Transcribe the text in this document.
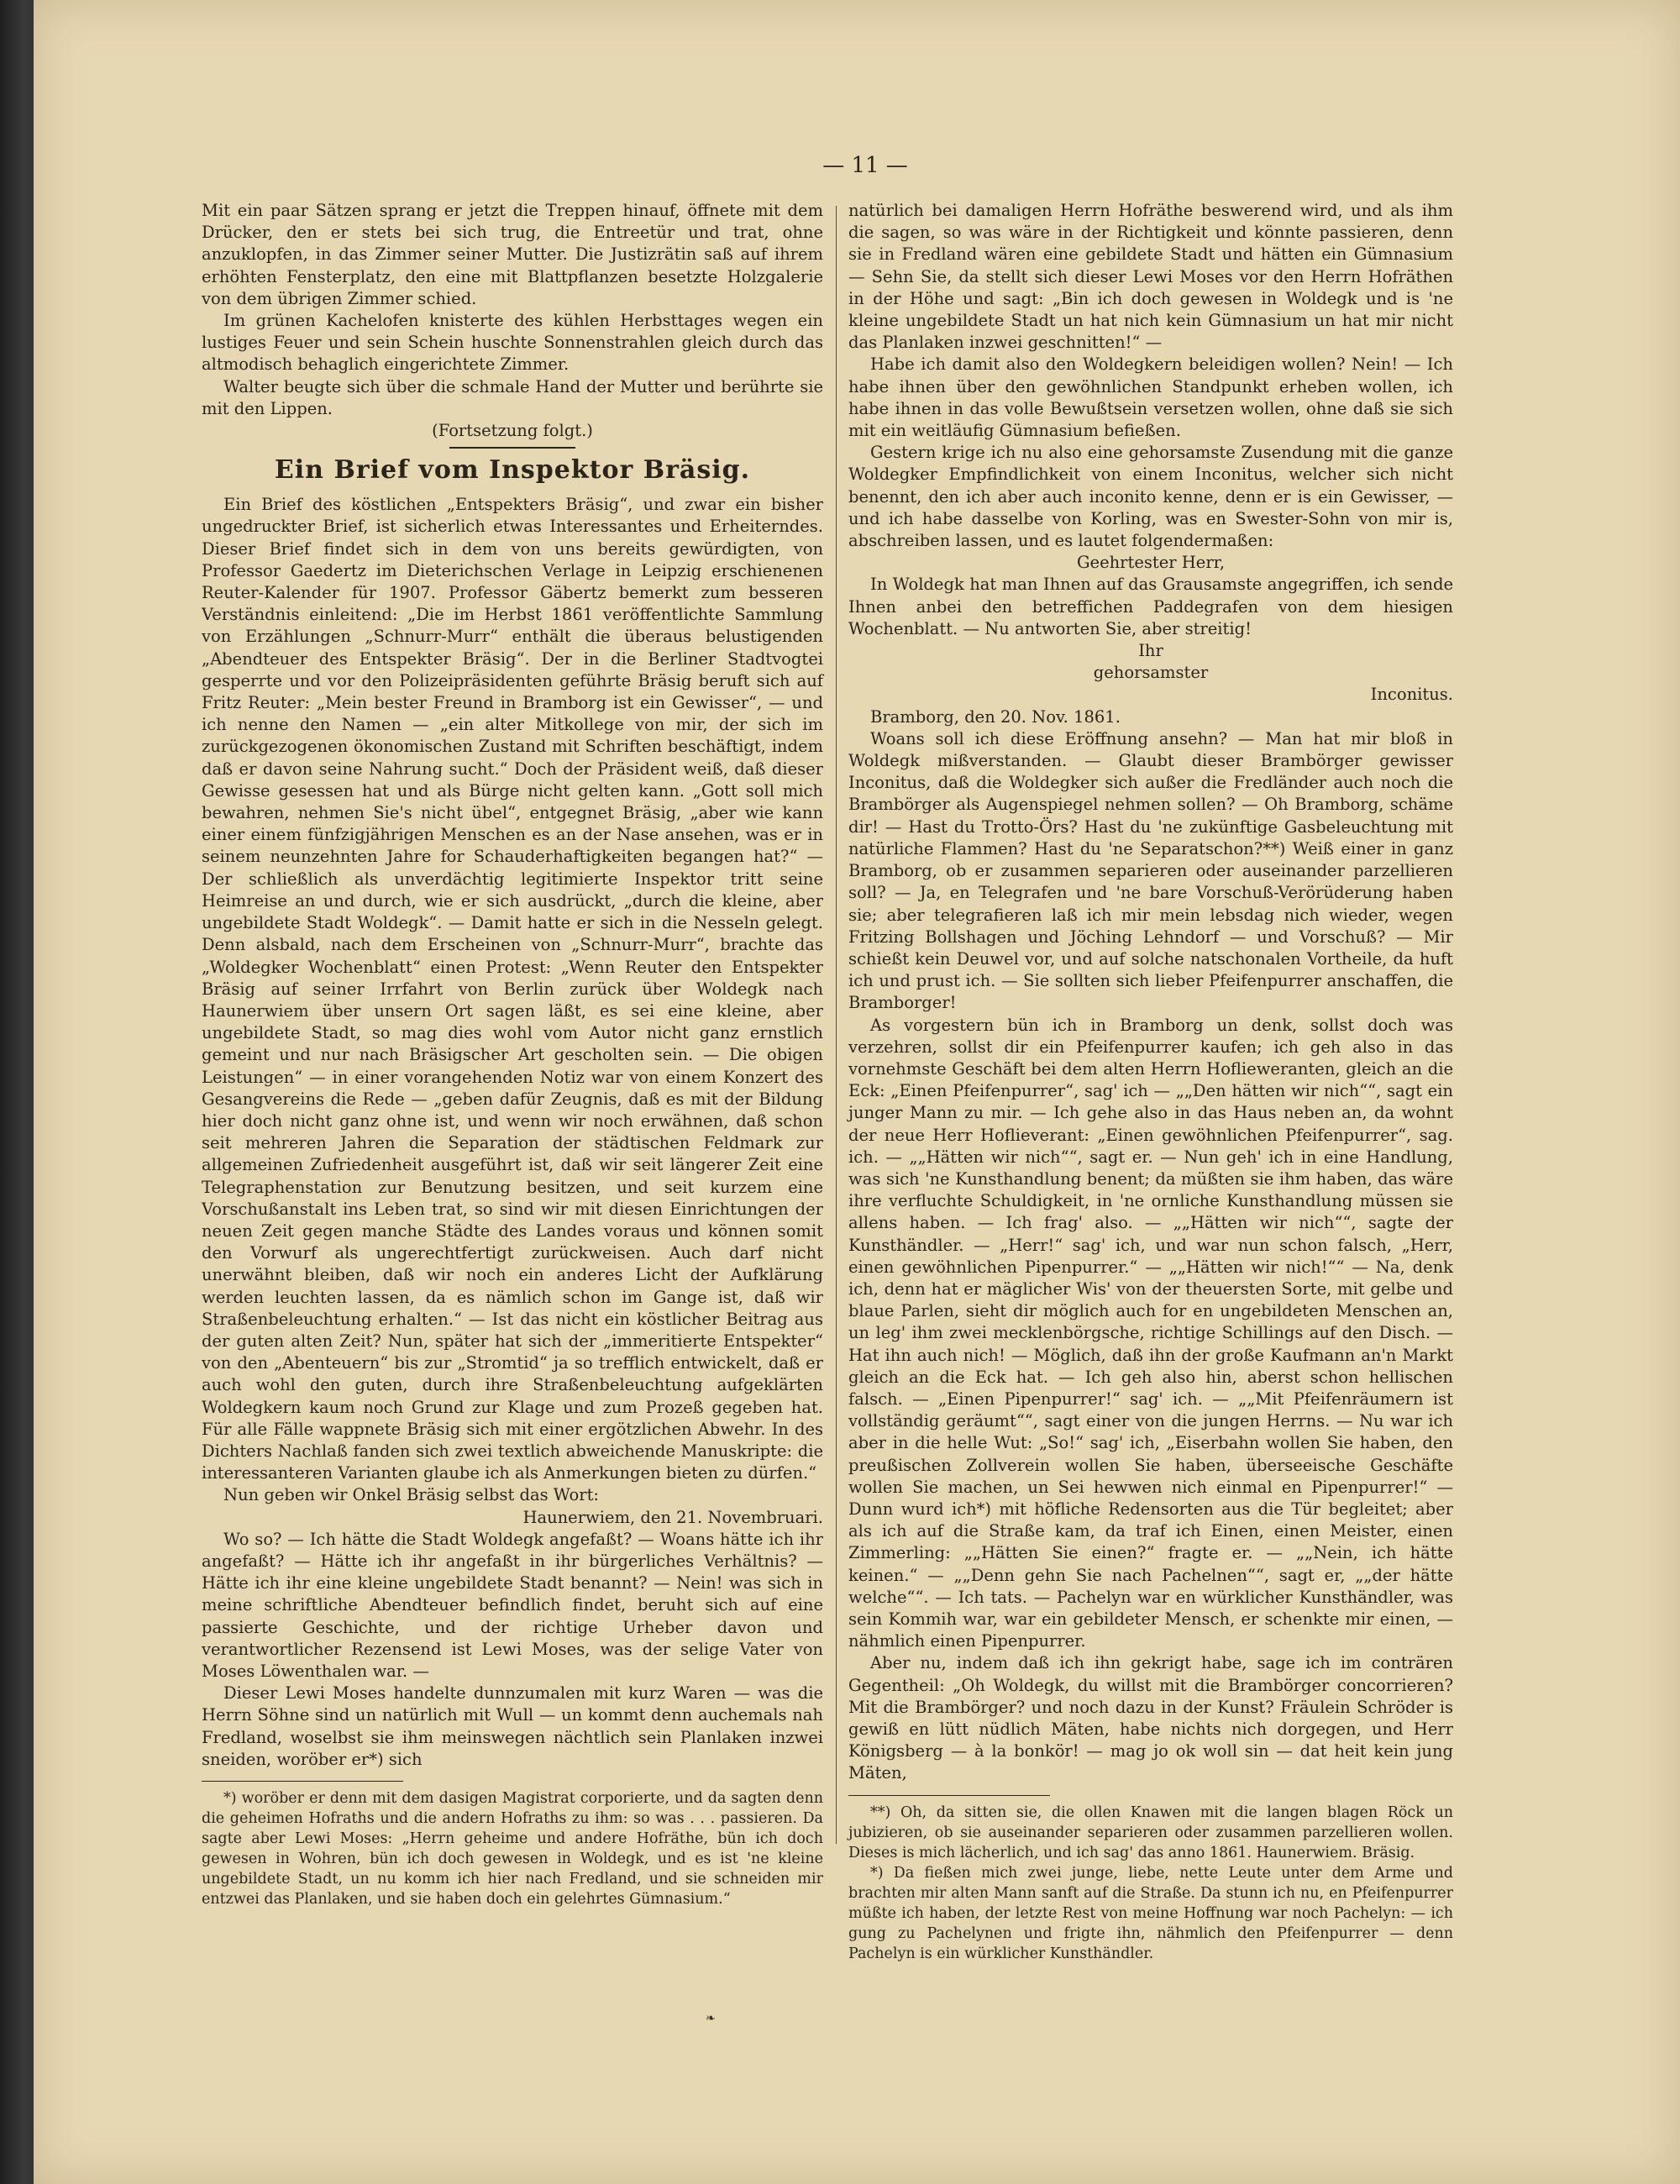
— 11 —

Mit ein paar Sätzen sprang er jetzt die Treppen hinauf, öffnete mit dem Drücker, den er stets bei sich trug, die Entreetür und trat, ohne anzuklopfen, in das Zimmer seiner Mutter. Die Justizrätin saß auf ihrem erhöhten Fensterplatz, den eine mit Blattpflanzen besetzte Holzgalerie von dem übrigen Zimmer schied.

Im grünen Kachelofen knisterte des kühlen Herbsttages wegen ein lustiges Feuer und sein Schein huschte Sonnenstrahlen gleich durch das altmodisch behaglich eingerichtete Zimmer.

Walter beugte sich über die schmale Hand der Mutter und berührte sie mit den Lippen.

(Fortsetzung folgt.)

Ein Brief vom Inspektor Bräsig.

Ein Brief des köstlichen „Entspekters Bräsig“, und zwar ein bisher ungedruckter Brief, ist sicherlich etwas Interessantes und Erheiterndes. Dieser Brief findet sich in dem von uns bereits gewürdigten, von Professor Gaedertz im Dieterichschen Verlage in Leipzig erschienenen Reuter-Kalender für 1907. Professor Gäbertz bemerkt zum besseren Verständnis einleitend: „Die im Herbst 1861 veröffentlichte Sammlung von Erzählungen „Schnurr-Murr“ enthält die überaus belustigenden „Abendteuer des Entspekter Bräsig“. Der in die Berliner Stadtvogtei gesperrte und vor den Polizeipräsidenten geführte Bräsig beruft sich auf Fritz Reuter: „Mein bester Freund in Bramborg ist ein Gewisser“, — und ich nenne den Namen — „ein alter Mitkollege von mir, der sich im zurückgezogenen ökonomischen Zustand mit Schriften beschäftigt, indem daß er davon seine Nahrung sucht.“ Doch der Präsident weiß, daß dieser Gewisse gesessen hat und als Bürge nicht gelten kann. „Gott soll mich bewahren, nehmen Sie's nicht übel“, entgegnet Bräsig, „aber wie kann einer einem fünfzigjährigen Menschen es an der Nase ansehen, was er in seinem neunzehnten Jahre for Schauderhaftigkeiten begangen hat?“ — Der schließlich als unverdächtig legitimierte Inspektor tritt seine Heimreise an und durch, wie er sich ausdrückt, „durch die kleine, aber ungebildete Stadt Woldegk“. — Damit hatte er sich in die Nesseln gelegt. Denn alsbald, nach dem Erscheinen von „Schnurr-Murr“, brachte das „Woldegker Wochenblatt“ einen Protest: „Wenn Reuter den Entspekter Bräsig auf seiner Irrfahrt von Berlin zurück über Woldegk nach Haunerwiem über unsern Ort sagen läßt, es sei eine kleine, aber ungebildete Stadt, so mag dies wohl vom Autor nicht ganz ernstlich gemeint und nur nach Bräsigscher Art gescholten sein. — Die obigen Leistungen“ — in einer vorangehenden Notiz war von einem Konzert des Gesangvereins die Rede — „geben dafür Zeugnis, daß es mit der Bildung hier doch nicht ganz ohne ist, und wenn wir noch erwähnen, daß schon seit mehreren Jahren die Separation der städtischen Feldmark zur allgemeinen Zufriedenheit ausgeführt ist, daß wir seit längerer Zeit eine Telegraphenstation zur Benutzung besitzen, und seit kurzem eine Vorschußanstalt ins Leben trat, so sind wir mit diesen Einrichtungen der neuen Zeit gegen manche Städte des Landes voraus und können somit den Vorwurf als ungerechtfertigt zurückweisen. Auch darf nicht unerwähnt bleiben, daß wir noch ein anderes Licht der Aufklärung werden leuchten lassen, da es nämlich schon im Gange ist, daß wir Straßenbeleuchtung erhalten.“ — Ist das nicht ein köstlicher Beitrag aus der guten alten Zeit? Nun, später hat sich der „immeritierte Entspekter“ von den „Abenteuern“ bis zur „Stromtid“ ja so trefflich entwickelt, daß er auch wohl den guten, durch ihre Straßenbeleuchtung aufgeklärten Woldegkern kaum noch Grund zur Klage und zum Prozeß gegeben hat. Für alle Fälle wappnete Bräsig sich mit einer ergötzlichen Abwehr. In des Dichters Nachlaß fanden sich zwei textlich abweichende Manuskripte: die interessanteren Varianten glaube ich als Anmerkungen bieten zu dürfen.“

Nun geben wir Onkel Bräsig selbst das Wort:

Haunerwiem, den 21. Novembruari.

Wo so? — Ich hätte die Stadt Woldegk angefaßt? — Woans hätte ich ihr angefaßt? — Hätte ich ihr angefaßt in ihr bürgerliches Verhältnis? — Hätte ich ihr eine kleine ungebildete Stadt benannt? — Nein! was sich in meine schriftliche Abendteuer befindlich findet, beruht sich auf eine passierte Geschichte, und der richtige Urheber davon und verantwortlicher Rezensend ist Lewi Moses, was der selige Vater von Moses Löwenthalen war. —

Dieser Lewi Moses handelte dunnzumalen mit kurz Waren — was die Herrn Söhne sind un natürlich mit Wull — un kommt denn auchemals nah Fredland, woselbst sie ihm meinswegen nächtlich sein Planlaken inzwei sneiden, woröber er*) sich

*) woröber er denn mit dem dasigen Magistrat corporierte, und da sagten denn die geheimen Hofraths und die andern Hofraths zu ihm: so was . . . passieren. Da sagte aber Lewi Moses: „Herrn geheime und andere Hofräthe, bün ich doch gewesen in Wohren, bün ich doch gewesen in Woldegk, und es ist 'ne kleine ungebildete Stadt, un nu komm ich hier nach Fredland, und sie schneiden mir entzwei das Planlaken, und sie haben doch ein gelehrtes Gümnasium.“

natürlich bei damaligen Herrn Hofräthe beswerend wird, und als ihm die sagen, so was wäre in der Richtigkeit und könnte passieren, denn sie in Fredland wären eine gebildete Stadt und hätten ein Gümnasium — Sehn Sie, da stellt sich dieser Lewi Moses vor den Herrn Hofräthen in der Höhe und sagt: „Bin ich doch gewesen in Woldegk und is 'ne kleine ungebildete Stadt un hat nich kein Gümnasium un hat mir nicht das Planlaken inzwei geschnitten!“ —

Habe ich damit also den Woldegkern beleidigen wollen? Nein! — Ich habe ihnen über den gewöhnlichen Standpunkt erheben wollen, ich habe ihnen in das volle Bewußtsein versetzen wollen, ohne daß sie sich mit ein weitläufig Gümnasium befießen.

Gestern krige ich nu also eine gehorsamste Zusendung mit die ganze Woldegker Empfindlichkeit von einem Inconitus, welcher sich nicht benennt, den ich aber auch inconito kenne, denn er is ein Gewisser, — und ich habe dasselbe von Korling, was en Swester-Sohn von mir is, abschreiben lassen, und es lautet folgendermaßen:

Geehrtester Herr,

In Woldegk hat man Ihnen auf das Grausamste angegriffen, ich sende Ihnen anbei den betreffichen Paddegrafen von dem hiesigen Wochenblatt. — Nu antworten Sie, aber streitig!

Ihr

gehorsamster

Inconitus.

Bramborg, den 20. Nov. 1861.

Woans soll ich diese Eröffnung ansehn? — Man hat mir bloß in Woldegk mißverstanden. — Glaubt dieser Brambörger gewisser Inconitus, daß die Woldegker sich außer die Fredländer auch noch die Brambörger als Augenspiegel nehmen sollen? — Oh Bramborg, schäme dir! — Hast du Trotto-Örs? Hast du 'ne zukünftige Gasbeleuchtung mit natürliche Flammen? Hast du 'ne Separatschon?**) Weiß einer in ganz Bramborg, ob er zusammen separieren oder auseinander parzellieren soll? — Ja, en Telegrafen und 'ne bare Vorschuß-Verörüderung haben sie; aber telegrafieren laß ich mir mein lebsdag nich wieder, wegen Fritzing Bollshagen und Jöching Lehndorf — und Vorschuß? — Mir schießt kein Deuwel vor, und auf solche natschonalen Vortheile, da huft ich und prust ich. — Sie sollten sich lieber Pfeifenpurrer anschaffen, die Bramborger!

As vorgestern bün ich in Bramborg un denk, sollst doch was verzehren, sollst dir ein Pfeifenpurrer kaufen; ich geh also in das vornehmste Geschäft bei dem alten Herrn Hoflieweranten, gleich an die Eck: „Einen Pfeifenpurrer“, sag' ich — „„Den hätten wir nich““, sagt ein junger Mann zu mir. — Ich gehe also in das Haus neben an, da wohnt der neue Herr Hoflieverant: „Einen gewöhnlichen Pfeifenpurrer“, sag. ich. — „„Hätten wir nich““, sagt er. — Nun geh' ich in eine Handlung, was sich 'ne Kunsthandlung benent; da müßten sie ihm haben, das wäre ihre verfluchte Schuldigkeit, in 'ne ornliche Kunsthandlung müssen sie allens haben. — Ich frag' also. — „„Hätten wir nich““, sagte der Kunsthändler. — „Herr!“ sag' ich, und war nun schon falsch, „Herr, einen gewöhnlichen Pipenpurrer.“ — „„Hätten wir nich!““ — Na, denk ich, denn hat er mäglicher Wis' von der theuersten Sorte, mit gelbe und blaue Parlen, sieht dir möglich auch for en ungebildeten Menschen an, un leg' ihm zwei mecklenbörgsche, richtige Schillings auf den Disch. — Hat ihn auch nich! — Möglich, daß ihn der große Kaufmann an'n Markt gleich an die Eck hat. — Ich geh also hin, aberst schon hellischen falsch. — „Einen Pipenpurrer!“ sag' ich. — „„Mit Pfeifenräumern ist vollständig geräumt““, sagt einer von die jungen Herrns. — Nu war ich aber in die helle Wut: „So!“ sag' ich, „Eiserbahn wollen Sie haben, den preußischen Zollverein wollen Sie haben, überseeische Geschäfte wollen Sie machen, un Sei hewwen nich einmal en Pipenpurrer!“ — Dunn wurd ich*) mit höfliche Redensorten aus die Tür begleitet; aber als ich auf die Straße kam, da traf ich Einen, einen Meister, einen Zimmerling: „„Hätten Sie einen?“ fragte er. — „„Nein, ich hätte keinen.“ — „„Denn gehn Sie nach Pachelnen““, sagt er, „„der hätte welche““. — Ich tats. — Pachelyn war en würklicher Kunsthändler, was sein Kommih war, war ein gebildeter Mensch, er schenkte mir einen, — nähmlich einen Pipenpurrer.

Aber nu, indem daß ich ihn gekrigt habe, sage ich im conträren Gegentheil: „Oh Woldegk, du willst mit die Brambörger concorrieren? Mit die Brambörger? und noch dazu in der Kunst? Fräulein Schröder is gewiß en lütt nüdlich Mäten, habe nichts nich dorgegen, und Herr Königsberg — à la bonkör! — mag jo ok woll sin — dat heit kein jung Mäten,

**) Oh, da sitten sie, die ollen Knawen mit die langen blagen Röck un jubizieren, ob sie auseinander separieren oder zusammen parzellieren wollen. Dieses is mich lächerlich, und ich sag' das anno 1861. Haunerwiem. Bräsig.

*) Da fießen mich zwei junge, liebe, nette Leute unter dem Arme und brachten mir alten Mann sanft auf die Straße. Da stunn ich nu, en Pfeifenpurrer müßte ich haben, der letzte Rest von meine Hoffnung war noch Pachelyn: — ich gung zu Pachelynen und frigte ihn, nähmlich den Pfeifenpurrer — denn Pachelyn is ein würklicher Kunsthändler.

❧
